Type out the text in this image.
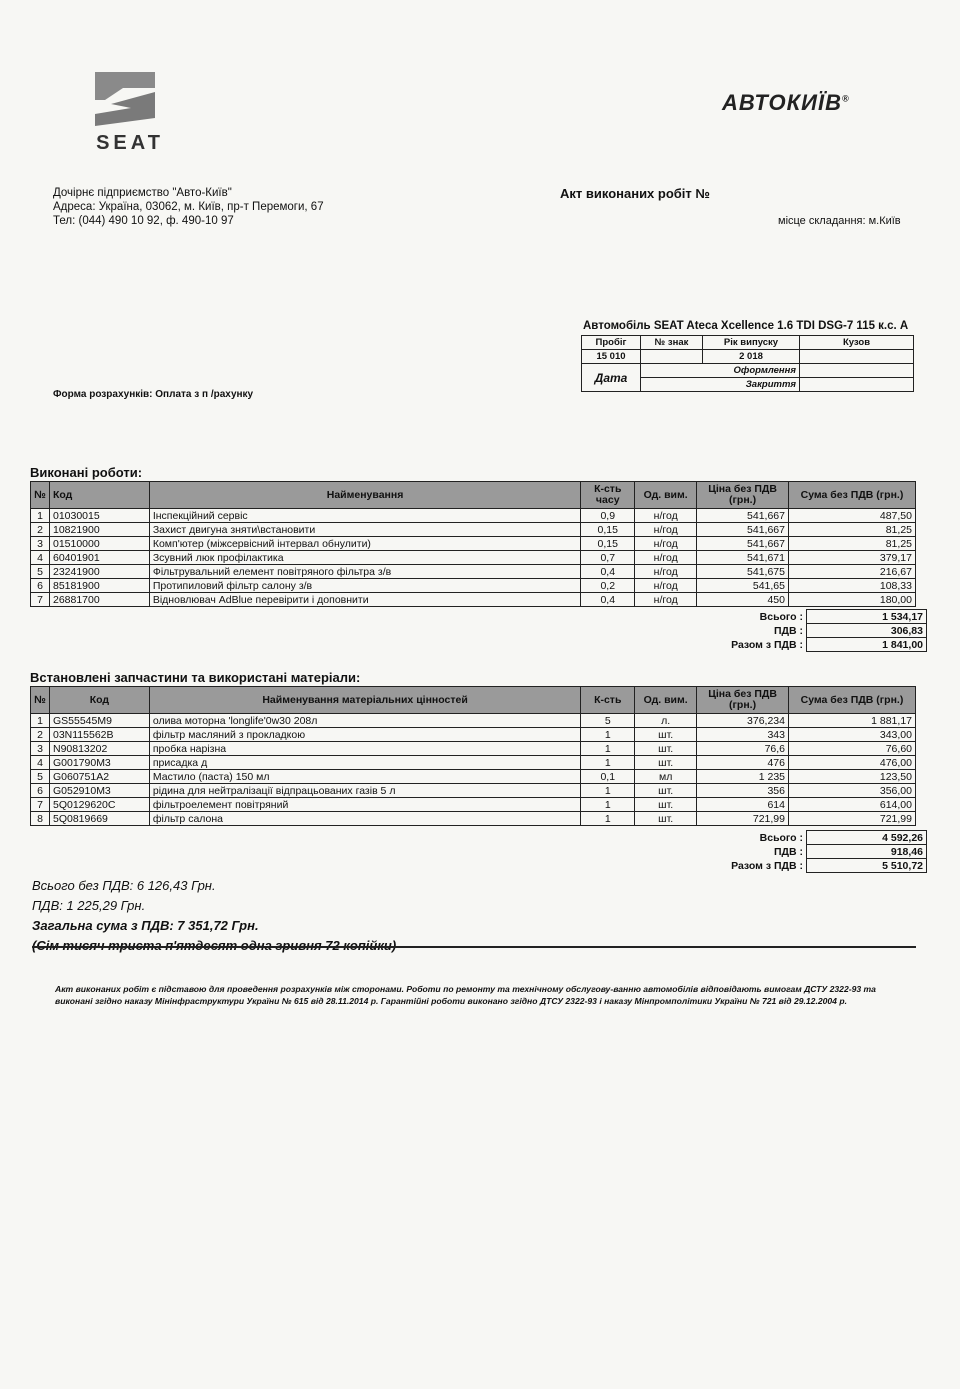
SEAT
АВТОКИЇВ®
Дочірнє підприємство "Авто-Київ"
Адреса: Україна, 03062, м. Київ, пр-т Перемоги, 67
Тел: (044) 490 10 92, ф. 490-10 97
Акт виконаних робіт №
місце складання: м.Київ
Автомобіль SEAT Ateca Xcellence 1.6 TDI DSG-7 115 к.с. А
Пробіг	№ знак	Рік випуску	Кузов
15 010		2 018	
Дата	Оформлення		
	Закриття		
Форма розрахунків: Оплата з п /рахунку
Виконані роботи:
№	Код	Найменування	К-сть часу	Од. вим.	Ціна без ПДВ (грн.)	Сума без ПДВ (грн.)
1	01030015	Інспекційний сервіс	0,9	н/год	541,667	487,50
2	10821900	Захист двигуна зняти\встановити	0,15	н/год	541,667	81,25
3	01510000	Комп'ютер (міжсервісний інтервал обнулити)	0,15	н/год	541,667	81,25
4	60401901	Зсувний люк профілактика	0,7	н/год	541,671	379,17
5	23241900	Фільтрувальний елемент повітряного фільтра з/в	0,4	н/год	541,675	216,67
6	85181900	Протипиловий фільтр салону з/в	0,2	н/год	541,65	108,33
7	26881700	Відновлювач AdBlue перевірити і доповнити	0,4	н/год	450	180,00
Всього :	1 534,17
ПДВ :	306,83
Разом з ПДВ :	1 841,00
Встановлені запчастини та використані матеріали:
№	Код	Найменування матеріальних цінностей	К-сть	Од. вим.	Ціна без ПДВ (грн.)	Сума без ПДВ (грн.)
1	GS55545M9	олива моторна 'longlife'0w30 208л	5	л.	376,234	1 881,17
2	03N115562B	фільтр масляний з прокладкою	1	шт.	343	343,00
3	N90813202	пробка нарізна	1	шт.	76,6	76,60
4	G001790M3	присадка д	1	шт.	476	476,00
5	G060751A2	Мастило (паста) 150 мл	0,1	мл	1 235	123,50
6	G052910M3	рідина для нейтралізації відпрацьованих газів 5 л	1	шт.	356	356,00
7	5Q0129620C	фільтроелемент повітряний	1	шт.	614	614,00
8	5Q0819669	фільтр салона	1	шт.	721,99	721,99
Всього :	4 592,26
ПДВ :	918,46
Разом з ПДВ :	5 510,72
Всього без ПДВ: 6 126,43 Грн.
ПДВ: 1 225,29 Грн.
Загальна сума з ПДВ: 7 351,72 Грн.
(Сім тисяч триста п'ятдесят одна гривня 72 копійки)
Акт виконаних робіт є підставою для проведення розрахунків між сторонами. Роботи по ремонту та технічному обслугову-ванню автомобілів відповідають вимогам ДСТУ 2322-93 та виконані згідно наказу Мінінфраструктури України № 615 від 28.11.2014 р. Гарантійні роботи виконано згідно ДТСУ 2322-93 і наказу Мінпромполітики України № 721 від 29.12.2004 р.
